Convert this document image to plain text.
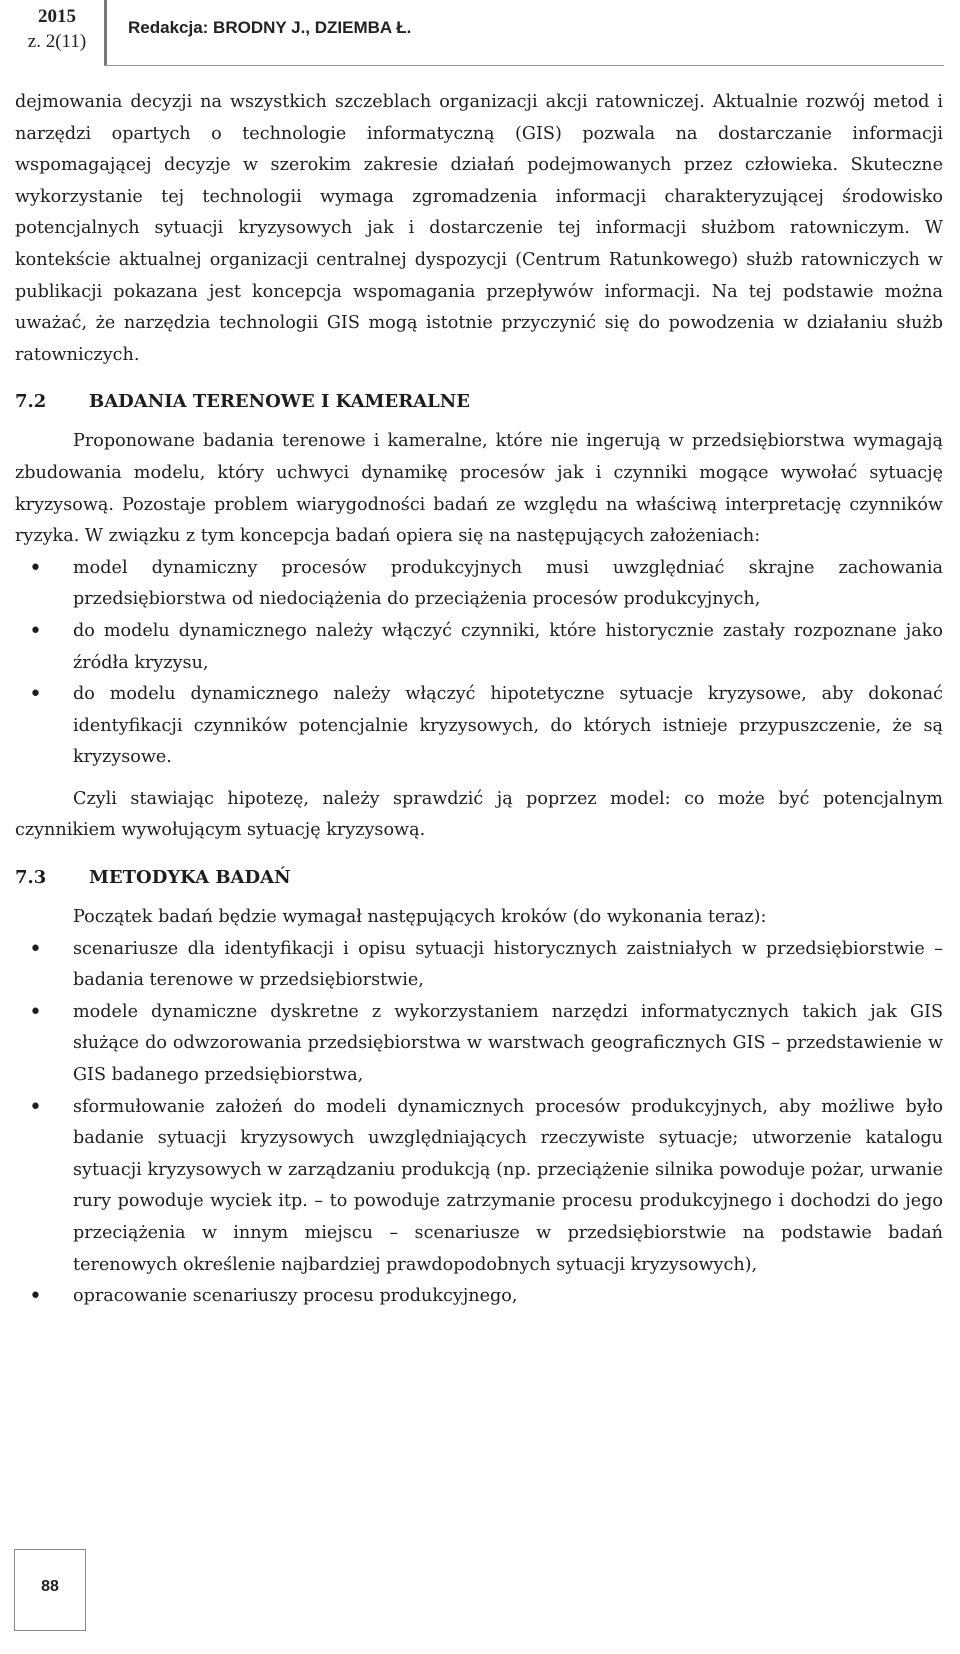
2015
z. 2(11)
Redakcja: BRODNY J., DZIEMBA Ł.

dejmowania decyzji na wszystkich szczeblach organizacji akcji ratowniczej. Aktualnie rozwój metod i narzędzi opartych o technologie informatyczną (GIS) pozwala na dostarczanie informacji wspomagającej decyzje w szerokim zakresie działań podejmowanych przez człowieka. Skuteczne wykorzystanie tej technologii wymaga zgromadzenia informacji charakteryzującej środowisko potencjalnych sytuacji kryzysowych jak i dostarczenie tej informacji służbom ratowniczym. W kontekście aktualnej organizacji centralnej dyspozycji (Centrum Ratunkowego) służb ratowniczych w publikacji pokazana jest koncepcja wspomagania przepływów informacji. Na tej podstawie można uważać, że narzędzia technologii GIS mogą istotnie przyczynić się do powodzenia w działaniu służb ratowniczych.

7.2 BADANIA TERENOWE I KAMERALNE

Proponowane badania terenowe i kameralne, które nie ingerują w przedsiębiorstwa wymagają zbudowania modelu, który uchwyci dynamikę procesów jak i czynniki mogące wywołać sytuację kryzysową. Pozostaje problem wiarygodności badań ze względu na właściwą interpretację czynników ryzyka. W związku z tym koncepcja badań opiera się na następujących założeniach:

• model dynamiczny procesów produkcyjnych musi uwzględniać skrajne zachowania przedsiębiorstwa od niedociążenia do przeciążenia procesów produkcyjnych,
• do modelu dynamicznego należy włączyć czynniki, które historycznie zastały rozpoznane jako źródła kryzysu,
• do modelu dynamicznego należy włączyć hipotetyczne sytuacje kryzysowe, aby dokonać identyfikacji czynników potencjalnie kryzysowych, do których istnieje przypuszczenie, że są kryzysowe.

Czyli stawiając hipotezę, należy sprawdzić ją poprzez model: co może być potencjalnym czynnikiem wywołującym sytuację kryzysową.

7.3 METODYKA BADAŃ

Początek badań będzie wymagał następujących kroków (do wykonania teraz):

• scenariusze dla identyfikacji i opisu sytuacji historycznych zaistniałych w przedsiębiorstwie – badania terenowe w przedsiębiorstwie,
• modele dynamiczne dyskretne z wykorzystaniem narzędzi informatycznych takich jak GIS służące do odwzorowania przedsiębiorstwa w warstwach geograficznych GIS – przedstawienie w GIS badanego przedsiębiorstwa,
• sformułowanie założeń do modeli dynamicznych procesów produkcyjnych, aby możliwe było badanie sytuacji kryzysowych uwzględniających rzeczywiste sytuacje; utworzenie katalogu sytuacji kryzysowych w zarządzaniu produkcją (np. przeciążenie silnika powoduje pożar, urwanie rury powoduje wyciek itp. – to powoduje zatrzymanie procesu produkcyjnego i dochodzi do jego przeciążenia w innym miejscu – scenariusze w przedsiębiorstwie na podstawie badań terenowych określenie najbardziej prawdopodobnych sytuacji kryzysowych),
• opracowanie scenariuszy procesu produkcyjnego,
88
